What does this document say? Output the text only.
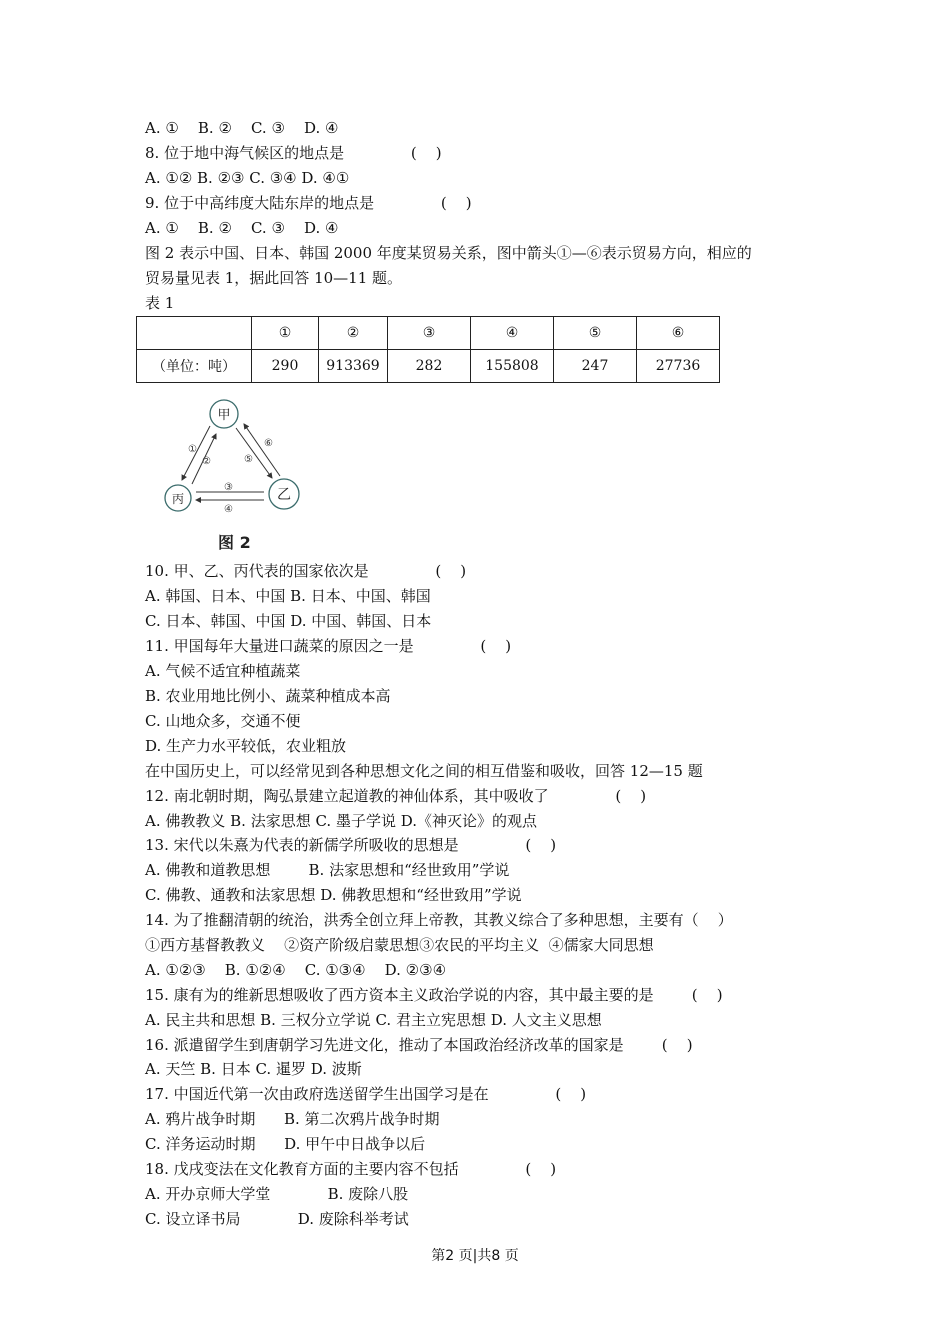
A. ①    B. ②    C. ③    D. ④
8. 位于地中海气候区的地点是              (    )
A. ①② B. ②③ C. ③④ D. ④①
9. 位于中高纬度大陆东岸的地点是              (    )
A. ①    B. ②    C. ③    D. ④
图 2 表示中国、日本、韩国 2000 年度某贸易关系，图中箭头①—⑥表示贸易方向，相应的
贸易量见表 1，据此回答 10—11 题。
表 1
	①	②	③	④	⑤	⑥
（单位：吨）	290	913369	282	155808	247	27736
甲
乙
丙
①
②
③
④
⑤
⑥
图 2
10. 甲、乙、丙代表的国家依次是              (    )
A. 韩国、日本、中国 B. 日本、中国、韩国
C. 日本、韩国、中国 D. 中国、韩国、日本
11. 甲国每年大量进口蔬菜的原因之一是              (    )
A. 气候不适宜种植蔬菜
B. 农业用地比例小、蔬菜种植成本高
C. 山地众多，交通不便
D. 生产力水平较低，农业粗放
在中国历史上，可以经常见到各种思想文化之间的相互借鉴和吸收，回答 12—15 题
12. 南北朝时期，陶弘景建立起道教的神仙体系，其中吸收了              (    )
A. 佛教教义 B. 法家思想 C. 墨子学说 D.《神灭论》的观点
13. 宋代以朱熹为代表的新儒学所吸收的思想是              (    )
A. 佛教和道教思想        B. 法家思想和“经世致用”学说
C. 佛教、通教和法家思想 D. 佛教思想和“经世致用”学说
14. 为了推翻清朝的统治，洪秀全创立拜上帝教，其教义综合了多种思想，主要有（    ）
①西方基督教教义    ②资产阶级启蒙思想③农民的平均主义  ④儒家大同思想
A. ①②③    B. ①②④    C. ①③④    D. ②③④
15. 康有为的维新思想吸收了西方资本主义政治学说的内容，其中最主要的是        (    )
A. 民主共和思想 B. 三权分立学说 C. 君主立宪思想 D. 人文主义思想
16. 派遣留学生到唐朝学习先进文化，推动了本国政治经济改革的国家是        (    )
A. 天竺 B. 日本 C. 暹罗 D. 波斯
17. 中国近代第一次由政府选送留学生出国学习是在              (    )
A. 鸦片战争时期      B. 第二次鸦片战争时期
C. 洋务运动时期      D. 甲午中日战争以后
18. 戊戌变法在文化教育方面的主要内容不包括              (    )
A. 开办京师大学堂            B. 废除八股
C. 设立译书局            D. 废除科举考试
第2 页|共8 页
